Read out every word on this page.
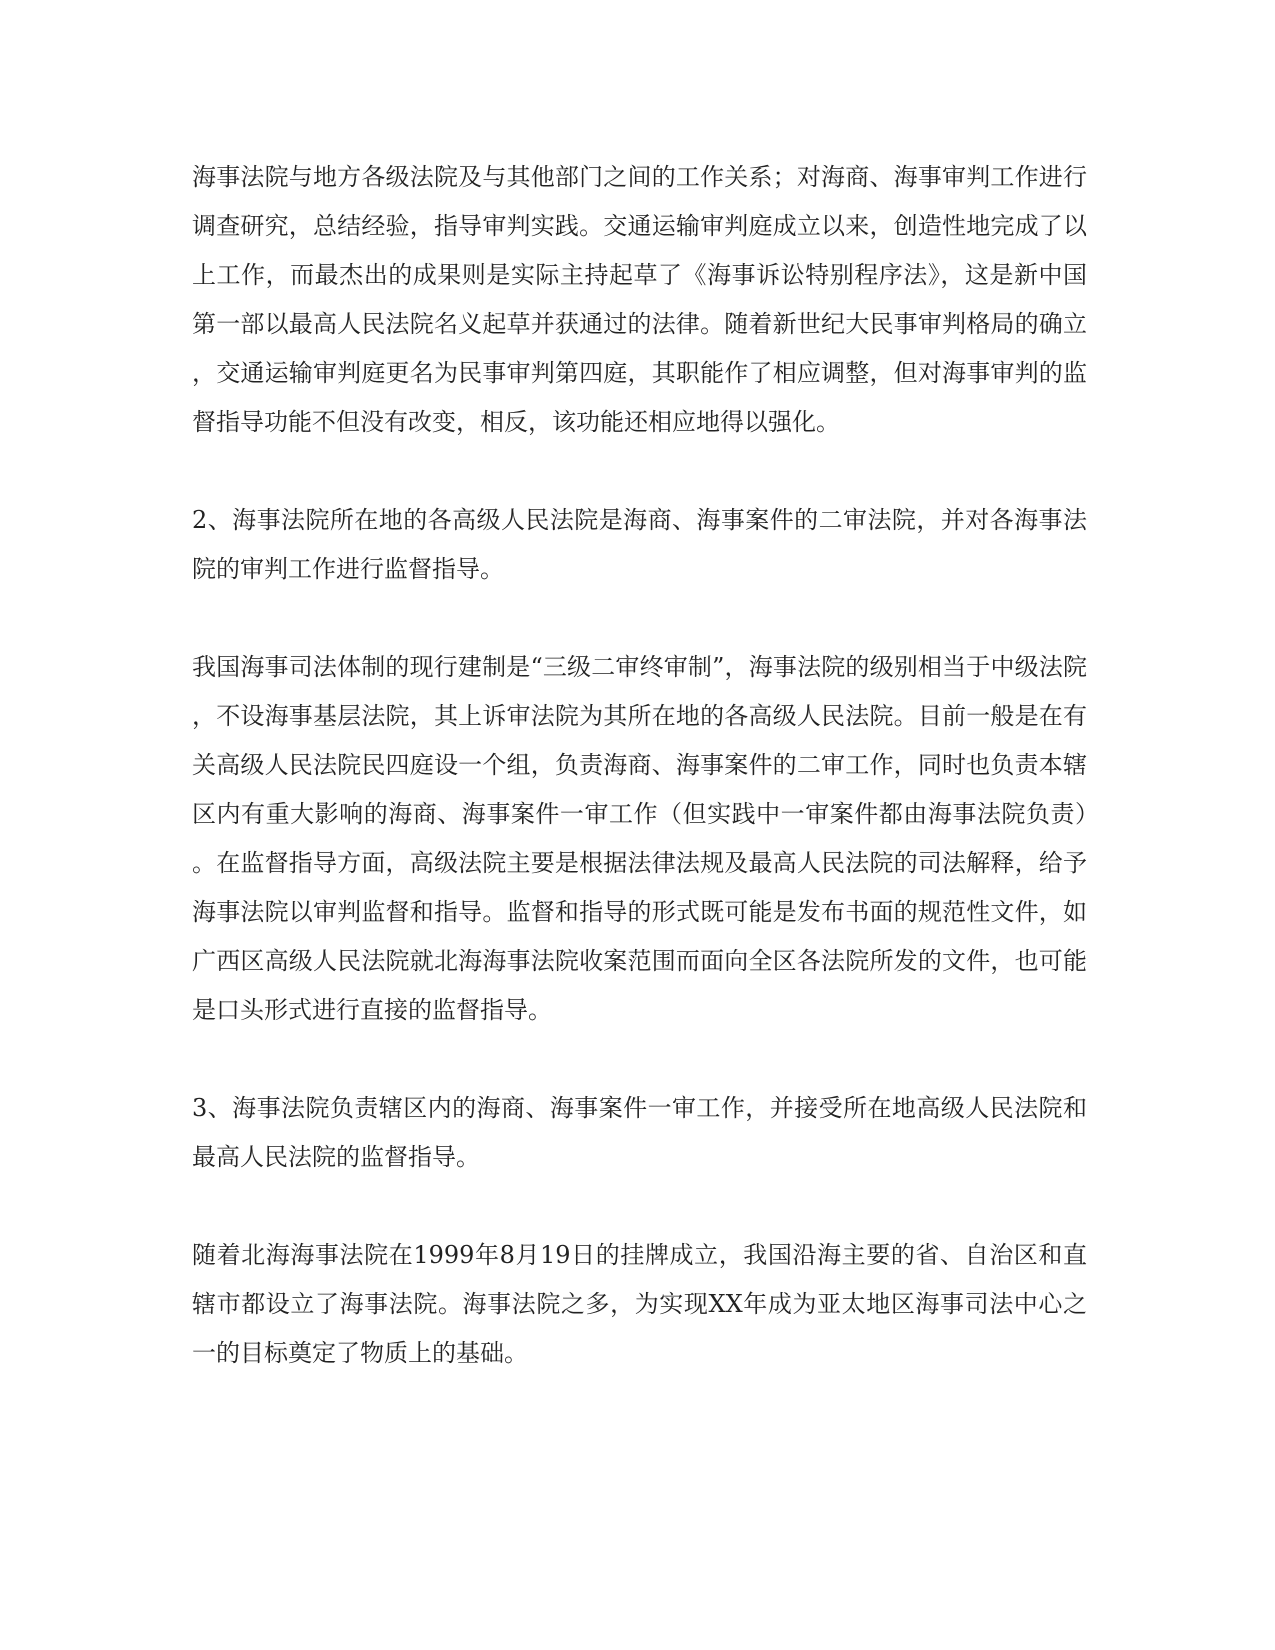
海事法院与地方各级法院及与其他部门之间的工作关系；对海商、海事审判工作进行调查研究，总结经验，指导审判实践。交通运输审判庭成立以来，创造性地完成了以上工作，而最杰出的成果则是实际主持起草了《海事诉讼特别程序法》，这是新中国第一部以最高人民法院名义起草并获通过的法律。随着新世纪大民事审判格局的确立，交通运输审判庭更名为民事审判第四庭，其职能作了相应调整，但对海事审判的监督指导功能不但没有改变，相反，该功能还相应地得以强化。

2、海事法院所在地的各高级人民法院是海商、海事案件的二审法院，并对各海事法院的审判工作进行监督指导。

我国海事司法体制的现行建制是“三级二审终审制”，海事法院的级别相当于中级法院，不设海事基层法院，其上诉审法院为其所在地的各高级人民法院。目前一般是在有关高级人民法院民四庭设一个组，负责海商、海事案件的二审工作，同时也负责本辖区内有重大影响的海商、海事案件一审工作（但实践中一审案件都由海事法院负责）。在监督指导方面，高级法院主要是根据法律法规及最高人民法院的司法解释，给予海事法院以审判监督和指导。监督和指导的形式既可能是发布书面的规范性文件，如广西区高级人民法院就北海海事法院收案范围而面向全区各法院所发的文件，也可能是口头形式进行直接的监督指导。

3、海事法院负责辖区内的海商、海事案件一审工作，并接受所在地高级人民法院和最高人民法院的监督指导。

随着北海海事法院在1999年8月19日的挂牌成立，我国沿海主要的省、自治区和直辖市都设立了海事法院。海事法院之多，为实现XX年成为亚太地区海事司法中心之一的目标奠定了物质上的基础。
